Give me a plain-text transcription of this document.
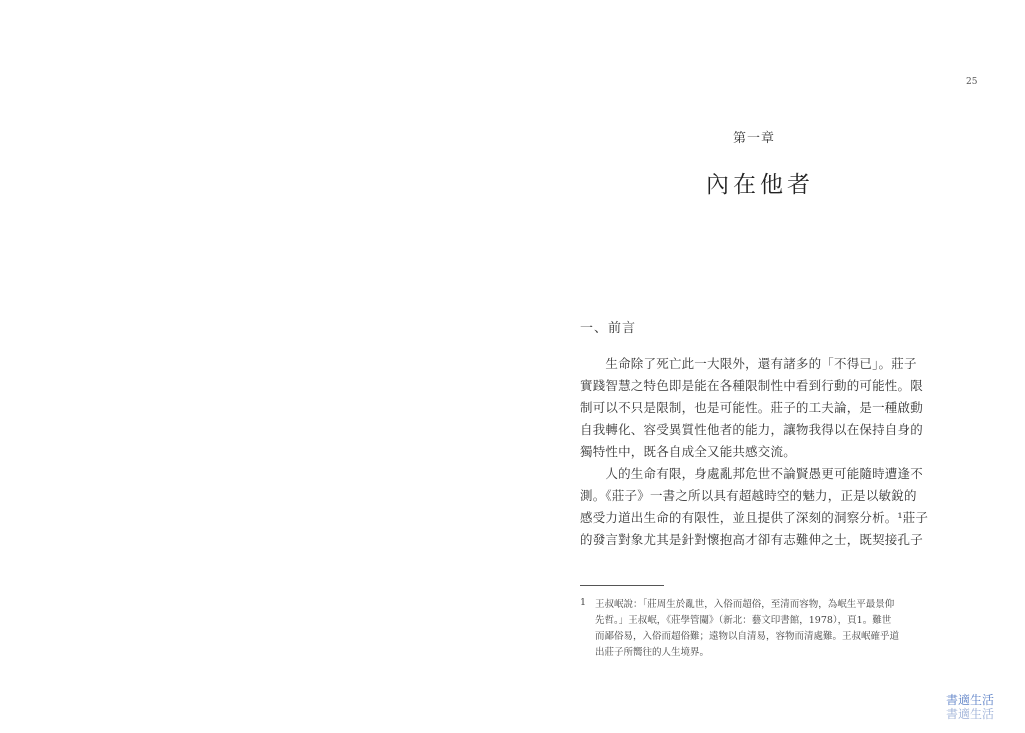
25
第一章
內在他者
一、前言
　　生命除了死亡此一大限外，還有諸多的「不得已」。莊子
實踐智慧之特色即是能在各種限制性中看到行動的可能性。限
制可以不只是限制，也是可能性。莊子的工夫論，是一種啟動
自我轉化、容受異質性他者的能力，讓物我得以在保持自身的
獨特性中，既各自成全又能共感交流。
　　人的生命有限，身處亂邦危世不論賢愚更可能隨時遭逢不
測。《莊子》一書之所以具有超越時空的魅力，正是以敏銳的
感受力道出生命的有限性，並且提供了深刻的洞察分析。¹莊子
的發言對象尤其是針對懷抱高才卻有志難伸之士，既契接孔子
1 王叔岷說：「莊周生於亂世，入俗而超俗，至清而容物，為岷生平最景仰
先哲。」王叔岷，《莊學管闚》（新北：藝文印書館，1978），頁1。難世
而鄙俗易，入俗而超俗難；遠物以自清易，容物而清處難。王叔岷確乎道
出莊子所嚮往的人生境界。
書適生活
書適生活
